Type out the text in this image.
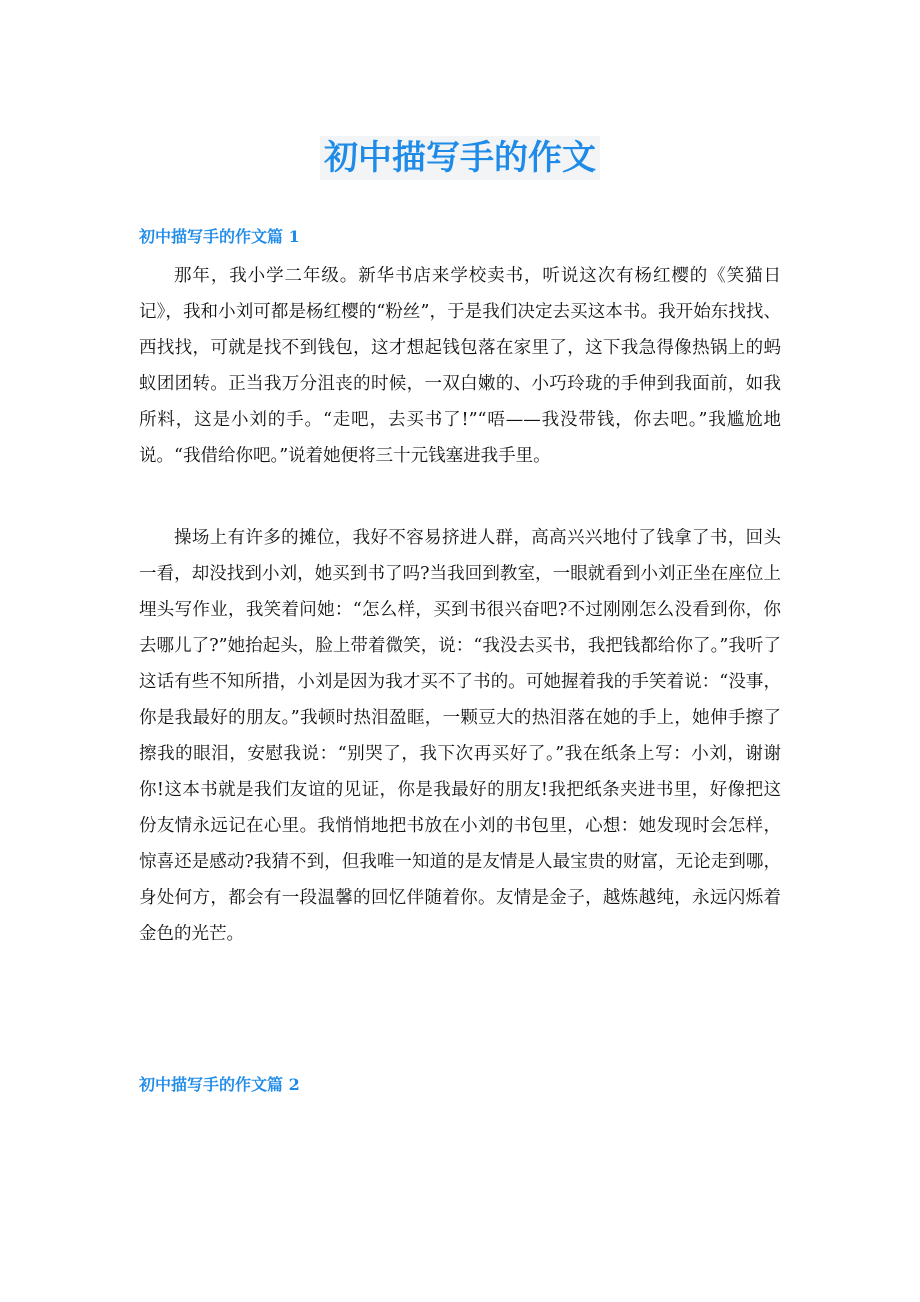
初中描写手的作文
初中描写手的作文篇 1

那年，我小学二年级。新华书店来学校卖书，听说这次有杨红樱的《笑猫日记》，我和小刘可都是杨红樱的“粉丝”，于是我们决定去买这本书。我开始东找找、西找找，可就是找不到钱包，这才想起钱包落在家里了，这下我急得像热锅上的蚂蚁团团转。正当我万分沮丧的时候，一双白嫩的、小巧玲珑的手伸到我面前，如我所料，这是小刘的手。“走吧，去买书了!”“唔——我没带钱，你去吧。”我尴尬地说。“我借给你吧。”说着她便将三十元钱塞进我手里。

操场上有许多的摊位，我好不容易挤进人群，高高兴兴地付了钱拿了书，回头一看，却没找到小刘，她买到书了吗?当我回到教室，一眼就看到小刘正坐在座位上埋头写作业，我笑着问她：“怎么样，买到书很兴奋吧?不过刚刚怎么没看到你，你去哪儿了?”她抬起头，脸上带着微笑，说：“我没去买书，我把钱都给你了。”我听了这话有些不知所措，小刘是因为我才买不了书的。可她握着我的手笑着说：“没事，你是我最好的朋友。”我顿时热泪盈眶，一颗豆大的热泪落在她的手上，她伸手擦了擦我的眼泪，安慰我说：“别哭了，我下次再买好了。”我在纸条上写：小刘，谢谢你!这本书就是我们友谊的见证，你是我最好的朋友!我把纸条夹进书里，好像把这份友情永远记在心里。我悄悄地把书放在小刘的书包里，心想：她发现时会怎样，惊喜还是感动?我猜不到，但我唯一知道的是友情是人最宝贵的财富，无论走到哪，身处何方，都会有一段温馨的回忆伴随着你。友情是金子，越炼越纯，永远闪烁着金色的光芒。

初中描写手的作文篇 2
